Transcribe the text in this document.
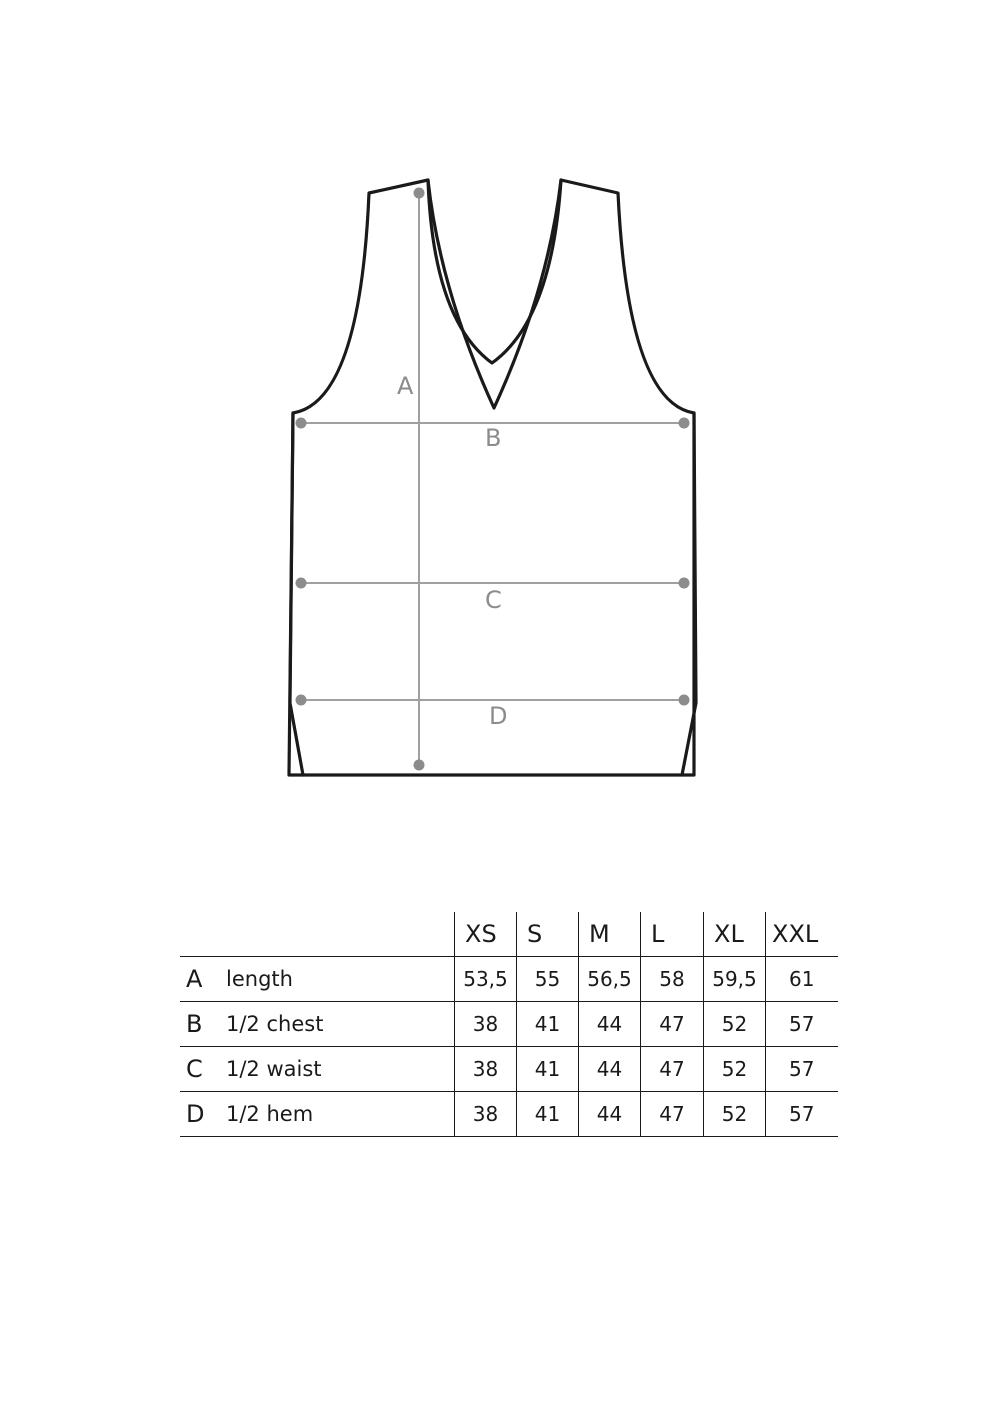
A
B
C
D
		XS	S	M	L	XL	XXL
A	length	53,5	55	56,5	58	59,5	61
B	1/2 chest	38	41	44	47	52	57
C	1/2 waist	38	41	44	47	52	57
D	1/2 hem	38	41	44	47	52	57
